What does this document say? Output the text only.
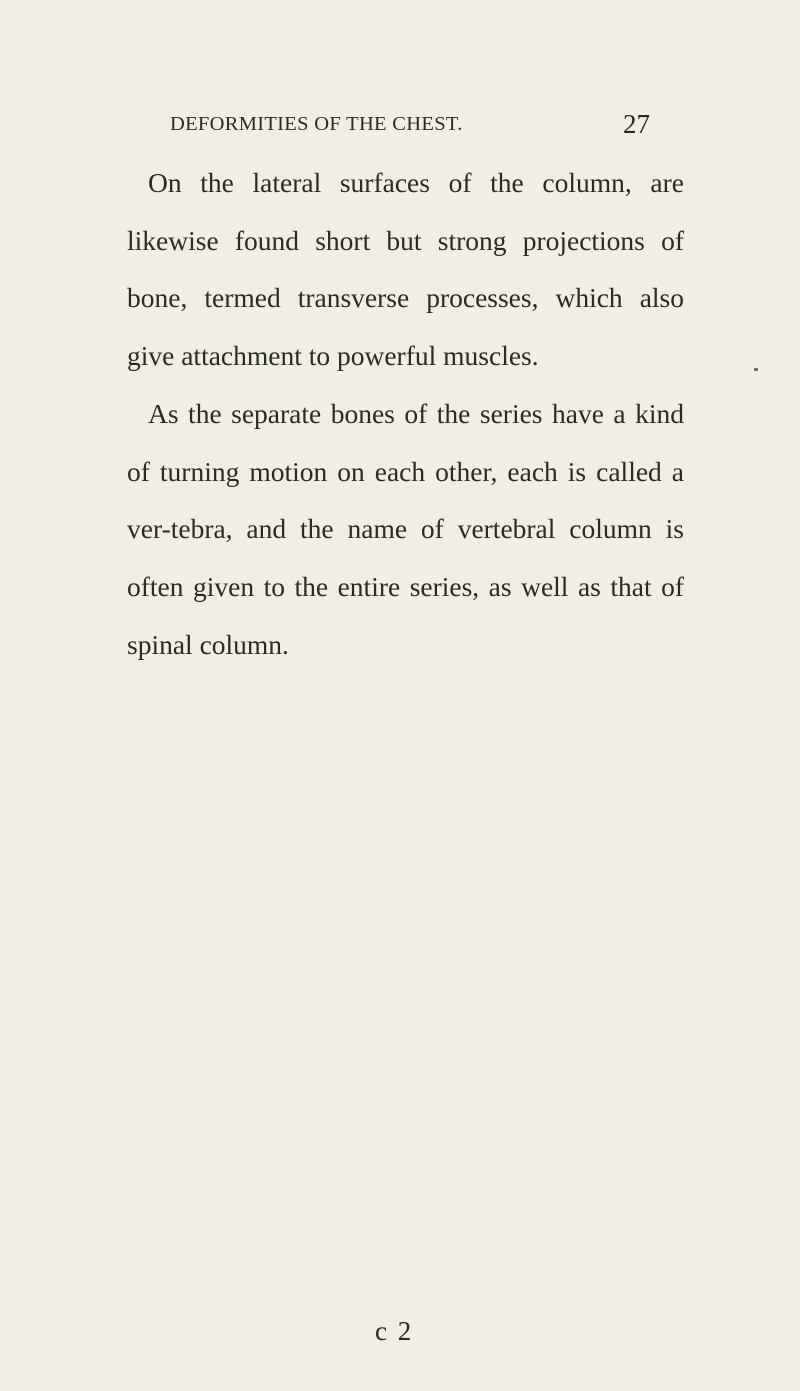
DEFORMITIES OF THE CHEST.	27

On the lateral surfaces of the column, are likewise found short but strong projections of bone, termed transverse processes, which also give attachment to powerful muscles.

As the separate bones of the series have a kind of turning motion on each other, each is called a ver-tebra, and the name of vertebral column is often given to the entire series, as well as that of spinal column.

c 2
